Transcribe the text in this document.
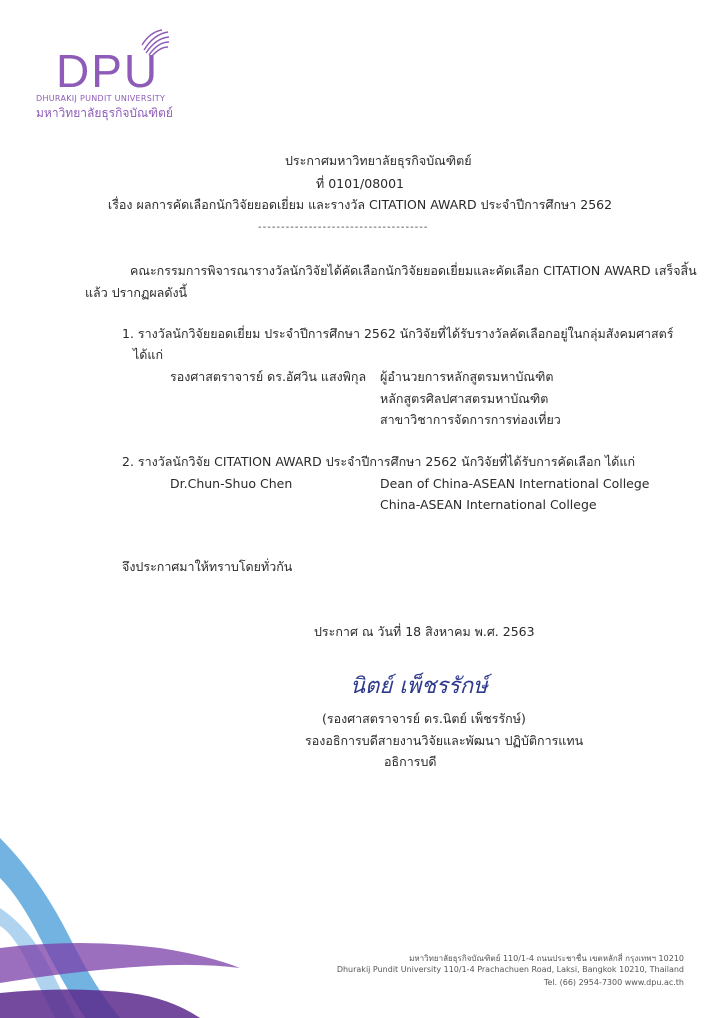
DPU
DHURAKIJ PUNDIT UNIVERSITY
มหาวิทยาลัยธุรกิจบัณฑิตย์
ประกาศมหาวิทยาลัยธุรกิจบัณฑิตย์
ที่ 0101/08001
เรื่อง ผลการคัดเลือกนักวิจัยยอดเยี่ยม และรางวัล CITATION AWARD ประจำปีการศึกษา 2562
-------------------------------------
คณะกรรมการพิจารณารางวัลนักวิจัยได้คัดเลือกนักวิจัยยอดเยี่ยมและคัดเลือก CITATION AWARD เสร็จสิ้น
แล้ว ปรากฏผลดังนี้
1. รางวัลนักวิจัยยอดเยี่ยม ประจำปีการศึกษา 2562 นักวิจัยที่ได้รับรางวัลคัดเลือกอยู่ในกลุ่มสังคมศาสตร์
ได้แก่
รองศาสตราจารย์ ดร.อัศวิน แสงพิกุล ผู้อำนวยการหลักสูตรมหาบัณฑิต
หลักสูตรศิลปศาสตรมหาบัณฑิต
สาขาวิชาการจัดการการท่องเที่ยว
2. รางวัลนักวิจัย CITATION AWARD ประจำปีการศึกษา 2562 นักวิจัยที่ได้รับการคัดเลือก ได้แก่
Dr.Chun-Shuo Chen	Dean of China-ASEAN International College
China-ASEAN International College
จึงประกาศมาให้ทราบโดยทั่วกัน
ประกาศ ณ วันที่ 18 สิงหาคม พ.ศ. 2563
นิตย์ เพ็ชรรักษ์
(รองศาสตราจารย์ ดร.นิตย์ เพ็ชรรักษ์)
รองอธิการบดีสายงานวิจัยและพัฒนา ปฏิบัติการแทน
อธิการบดี
มหาวิทยาลัยธุรกิจบัณฑิตย์ 110/1-4 ถนนประชาชื่น เขตหลักสี่ กรุงเทพฯ 10210
Dhurakij Pundit University 110/1-4 Prachachuen Road, Laksi, Bangkok 10210, Thailand
Tel. (66) 2954-7300 www.dpu.ac.th
